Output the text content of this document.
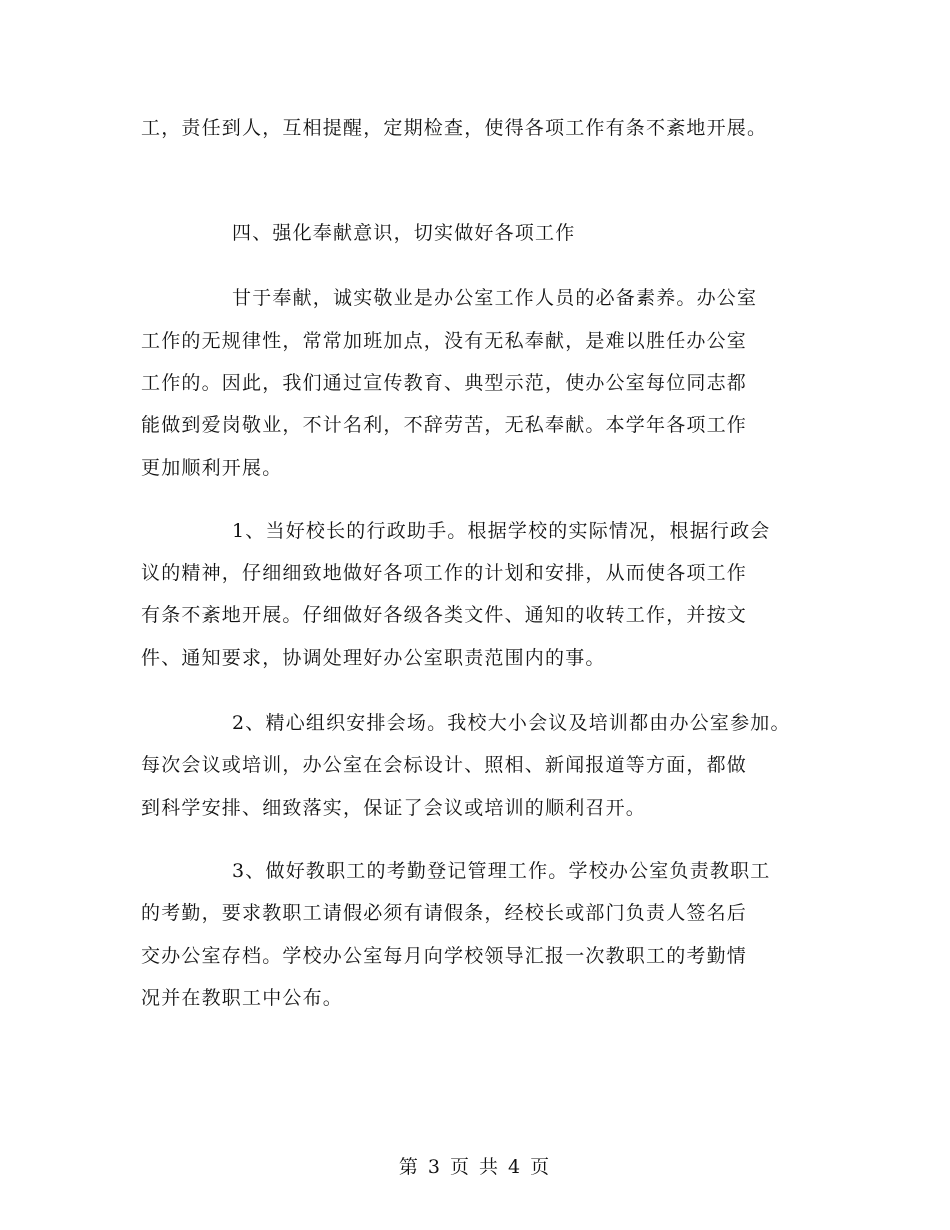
工，责任到人，互相提醒，定期检查，使得各项工作有条不紊地开展。
四、强化奉献意识，切实做好各项工作
甘于奉献，诚实敬业是办公室工作人员的必备素养。办公室
工作的无规律性，常常加班加点，没有无私奉献，是难以胜任办公室
工作的。因此，我们通过宣传教育、典型示范，使办公室每位同志都
能做到爱岗敬业，不计名利，不辞劳苦，无私奉献。本学年各项工作
更加顺利开展。
1、当好校长的行政助手。根据学校的实际情况，根据行政会
议的精神，仔细细致地做好各项工作的计划和安排，从而使各项工作
有条不紊地开展。仔细做好各级各类文件、通知的收转工作，并按文
件、通知要求，协调处理好办公室职责范围内的事。
2、精心组织安排会场。我校大小会议及培训都由办公室参加。
每次会议或培训，办公室在会标设计、照相、新闻报道等方面，都做
到科学安排、细致落实，保证了会议或培训的顺利召开。
3、做好教职工的考勤登记管理工作。学校办公室负责教职工
的考勤，要求教职工请假必须有请假条，经校长或部门负责人签名后
交办公室存档。学校办公室每月向学校领导汇报一次教职工的考勤情
况并在教职工中公布。
第 3 页 共 4 页
